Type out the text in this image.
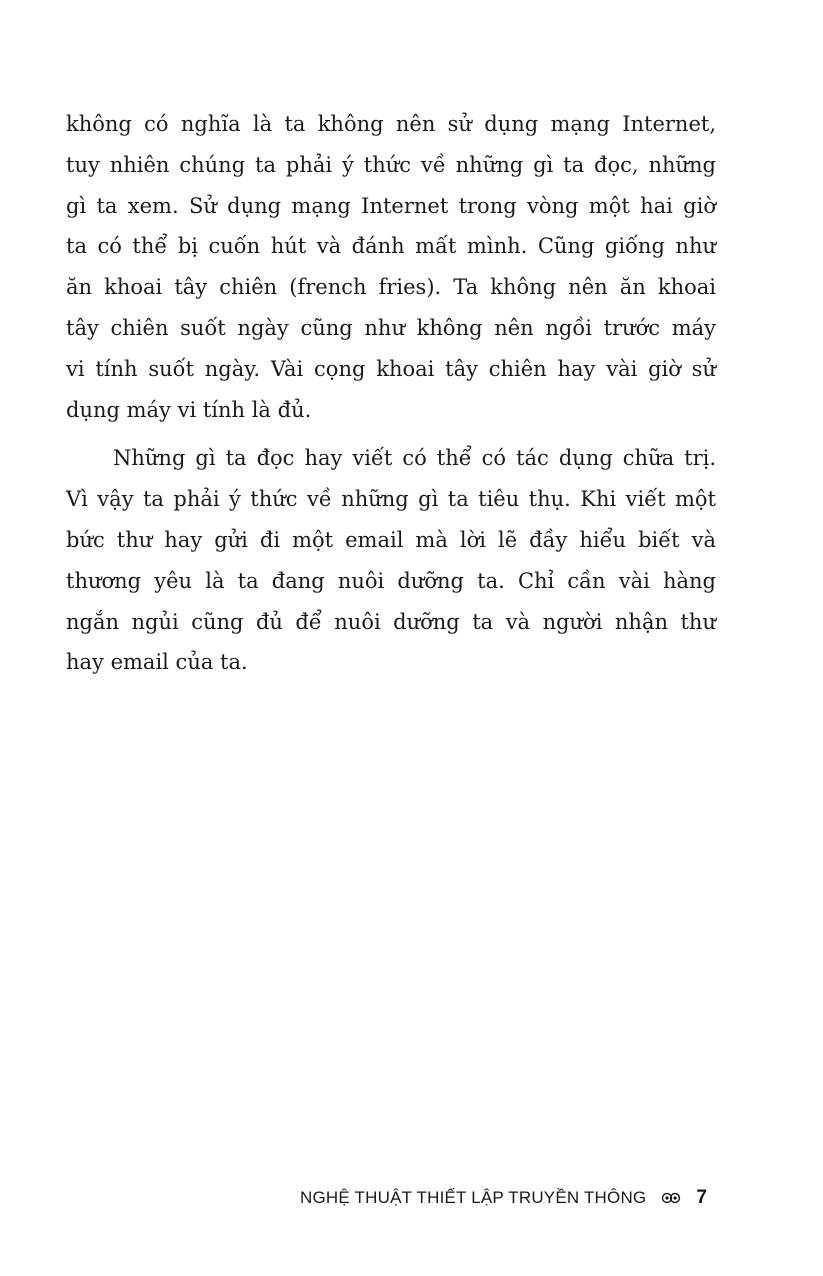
không có nghĩa là ta không nên sử dụng mạng Internet,
tuy nhiên chúng ta phải ý thức về những gì ta đọc, những
gì ta xem. Sử dụng mạng Internet trong vòng một hai giờ
ta có thể bị cuốn hút và đánh mất mình. Cũng giống như
ăn khoai tây chiên (french fries). Ta không nên ăn khoai
tây chiên suốt ngày cũng như không nên ngồi trước máy
vi tính suốt ngày. Vài cọng khoai tây chiên hay vài giờ sử
dụng máy vi tính là đủ.
Những gì ta đọc hay viết có thể có tác dụng chữa trị.
Vì vậy ta phải ý thức về những gì ta tiêu thụ. Khi viết một
bức thư hay gửi đi một email mà lời lẽ đầy hiểu biết và
thương yêu là ta đang nuôi dưỡng ta. Chỉ cần vài hàng
ngắn ngủi cũng đủ để nuôi dưỡng ta và người nhận thư
hay email của ta.
NGHỆ THUẬT THIẾT LẬP TRUYỀN THÔNG	7
